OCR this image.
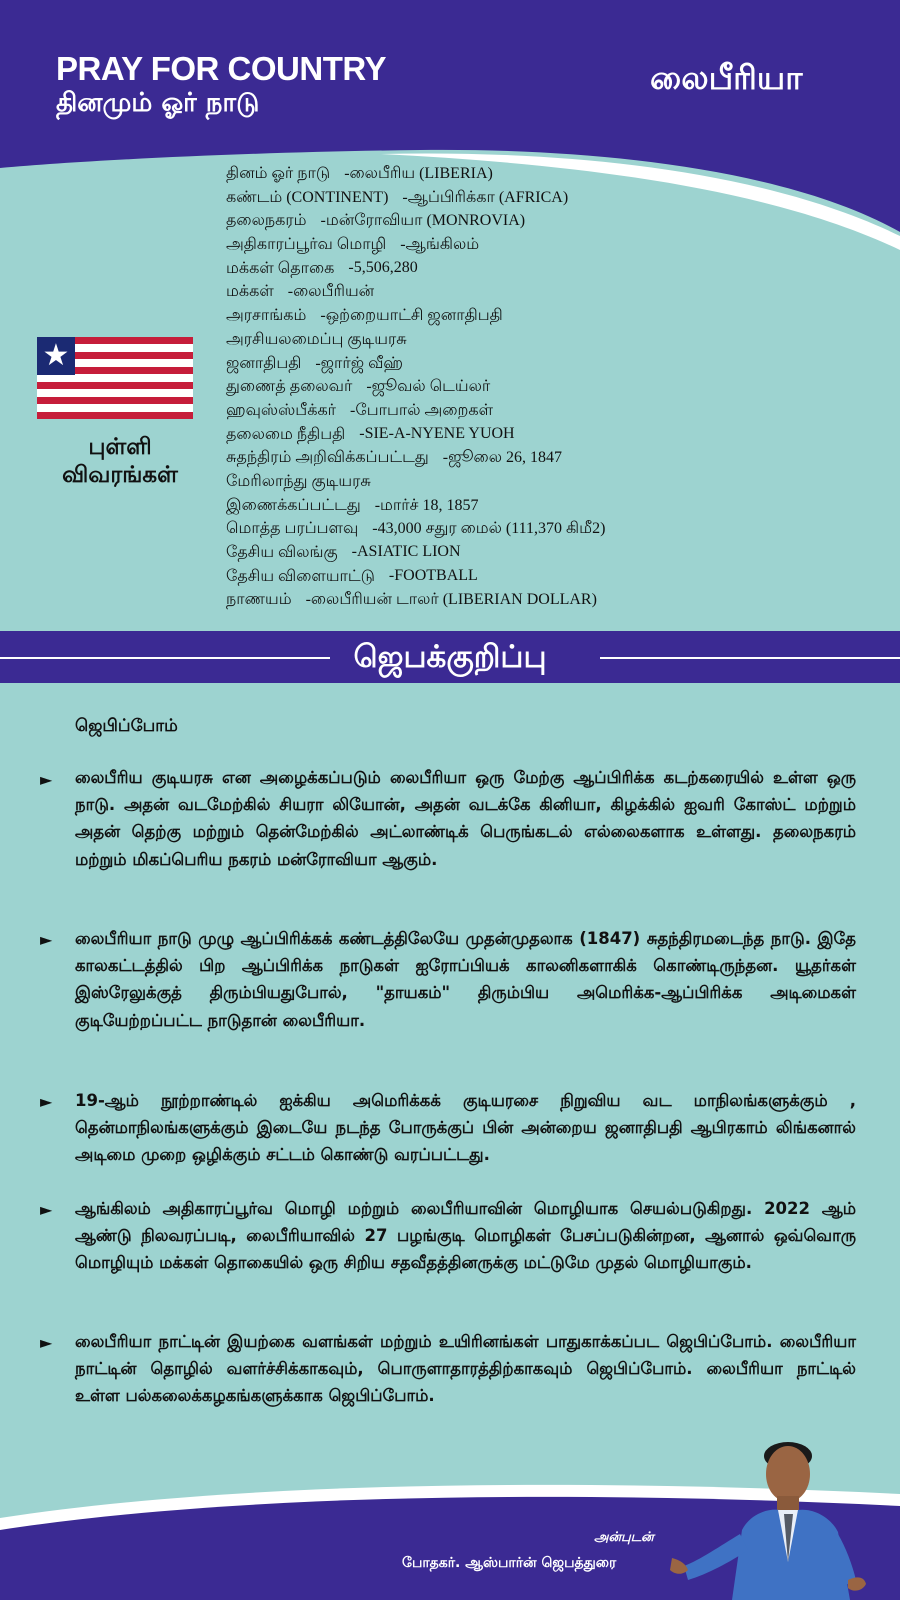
PRAY FOR COUNTRY
தினமும் ஓர் நாடு
லைபீரியா
★
புள்ளி
விவரங்கள்
தினம் ஓர் நாடு -லைபீரிய (LIBERIA)
கண்டம் (CONTINENT) -ஆப்பிரிக்கா (AFRICA)
தலைநகரம் -மன்ரோவியா (MONROVIA)
அதிகாரப்பூர்வ மொழி -ஆங்கிலம்
மக்கள் தொகை -5,506,280
மக்கள் -லைபீரியன்
அரசாங்கம் -ஒற்றையாட்சி ஜனாதிபதி
அரசியலமைப்பு குடியரசு
ஜனாதிபதி -ஜார்ஜ் வீஹ்
துணைத் தலைவர் -ஜூவல் டெய்லர்
ஹவுஸ்ஸ்பீக்கர் -போபால் அறைகள்
தலைமை நீதிபதி -SIE-A-NYENE YUOH
சுதந்திரம் அறிவிக்கப்பட்டது -ஜூலை 26, 1847
மேரிலாந்து குடியரசு
இணைக்கப்பட்டது -மார்ச் 18, 1857
மொத்த பரப்பளவு -43,000 சதுர மைல் (111,370 கிமீ2)
தேசிய விலங்கு -ASIATIC LION
தேசிய விளையாட்டு -FOOTBALL
நாணயம் -லைபீரியன் டாலர் (LIBERIAN DOLLAR)
ஜெபக்குறிப்பு
ஜெபிப்போம்
► லைபீரிய குடியரசு என அழைக்கப்படும் லைபீரியா ஒரு மேற்கு ஆப்பிரிக்க கடற்கரையில் உள்ள ஒரு நாடு. அதன் வடமேற்கில் சியரா லியோன், அதன் வடக்கே கினியா, கிழக்கில் ஐவரி கோஸ்ட் மற்றும் அதன் தெற்கு மற்றும் தென்மேற்கில் அட்லாண்டிக் பெருங்கடல் எல்லைகளாக உள்ளது. தலைநகரம் மற்றும் மிகப்பெரிய நகரம் மன்ரோவியா ஆகும்.
► லைபீரியா நாடு முழு ஆப்பிரிக்கக் கண்டத்திலேயே முதன்முதலாக (1847) சுதந்திரமடைந்த நாடு. இதே காலகட்டத்தில் பிற ஆப்பிரிக்க நாடுகள் ஐரோப்பியக் காலனிகளாகிக் கொண்டிருந்தன. யூதர்கள் இஸ்ரேலுக்குத் திரும்பியதுபோல், "தாயகம்" திரும்பிய அமெரிக்க-ஆப்பிரிக்க அடிமைகள் குடியேற்றப்பட்ட நாடுதான் லைபீரியா.
► 19-ஆம் நூற்றாண்டில் ஐக்கிய அமெரிக்கக் குடியரசை நிறுவிய வட மாநிலங்களுக்கும் , தென்மாநிலங்களுக்கும் இடையே நடந்த போருக்குப் பின் அன்றைய ஜனாதிபதி ஆபிரகாம் லிங்கனால் அடிமை முறை ஒழிக்கும் சட்டம் கொண்டு வரப்பட்டது.
► ஆங்கிலம் அதிகாரப்பூர்வ மொழி மற்றும் லைபீரியாவின் மொழியாக செயல்படுகிறது. 2022 ஆம் ஆண்டு நிலவரப்படி, லைபீரியாவில் 27 பழங்குடி மொழிகள் பேசப்படுகின்றன, ஆனால் ஒவ்வொரு மொழியும் மக்கள் தொகையில் ஒரு சிறிய சதவீதத்தினருக்கு மட்டுமே முதல் மொழியாகும்.
► லைபீரியா நாட்டின் இயற்கை வளங்கள் மற்றும் உயிரினங்கள் பாதுகாக்கப்பட ஜெபிப்போம். லைபீரியா நாட்டின் தொழில் வளர்ச்சிக்காகவும், பொருளாதாரத்திற்காகவும் ஜெபிப்போம். லைபீரியா நாட்டில் உள்ள பல்கலைக்கழகங்களுக்காக ஜெபிப்போம்.
அன்புடன்
போதகர். ஆஸ்பார்ன் ஜெபத்துரை
